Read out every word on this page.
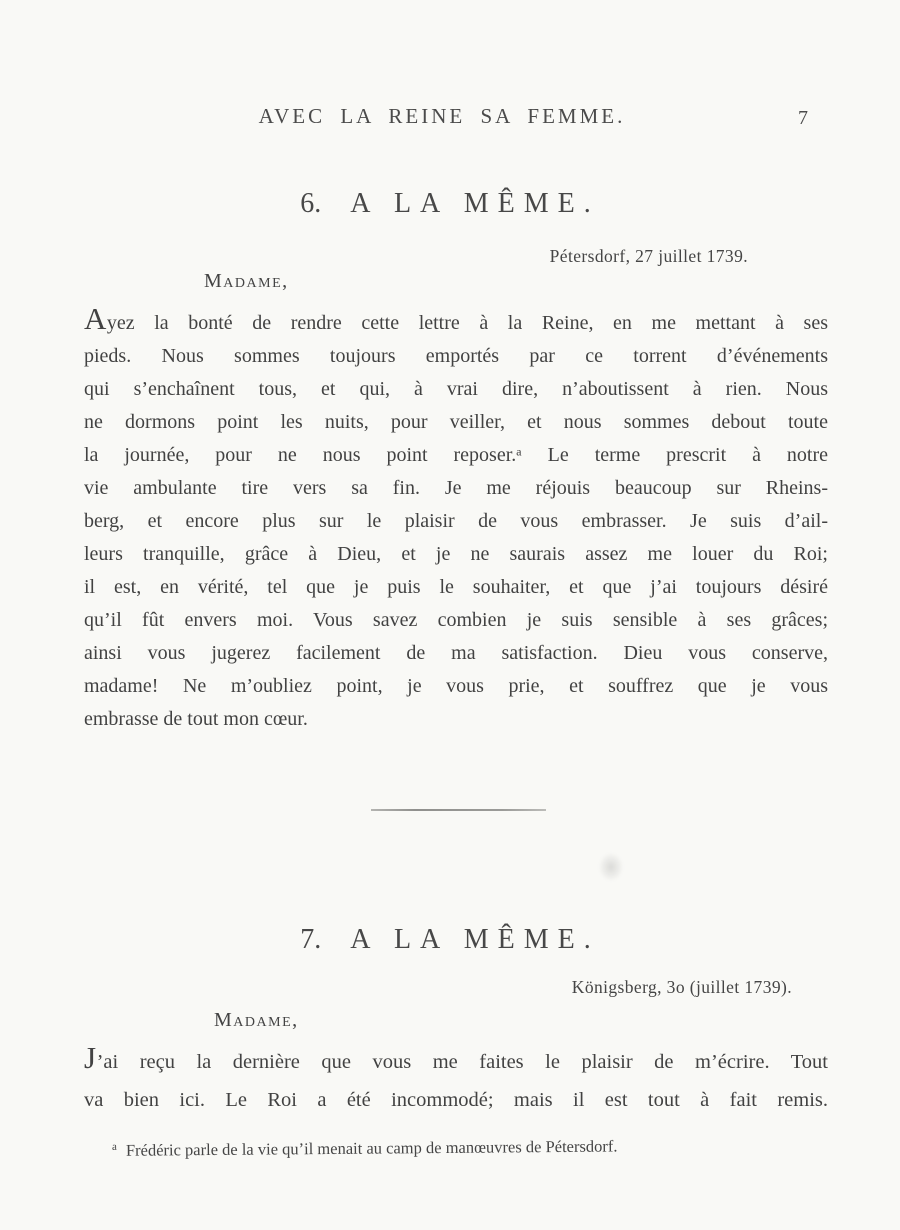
AVEC LA REINE SA FEMME.	7
6. A LA MÊME.
Pétersdorf, 27 juillet 1739.
Madame,
Ayez la bonté de rendre cette lettre à la Reine, en me mettant à ses
pieds. Nous sommes toujours emportés par ce torrent d’événements
qui s’enchaînent tous, et qui, à vrai dire, n’aboutissent à rien. Nous
ne dormons point les nuits, pour veiller, et nous sommes debout toute
la journée, pour ne nous point reposer.ᵃ Le terme prescrit à notre
vie ambulante tire vers sa fin. Je me réjouis beaucoup sur Rheins-
berg, et encore plus sur le plaisir de vous embrasser. Je suis d’ail-
leurs tranquille, grâce à Dieu, et je ne saurais assez me louer du Roi;
il est, en vérité, tel que je puis le souhaiter, et que j’ai toujours désiré
qu’il fût envers moi. Vous savez combien je suis sensible à ses grâces;
ainsi vous jugerez facilement de ma satisfaction. Dieu vous conserve,
madame! Ne m’oubliez point, je vous prie, et souffrez que je vous
embrasse de tout mon cœur.
7. A LA MÊME.
Königsberg, 3o (juillet 1739).
Madame,
J’ai reçu la dernière que vous me faites le plaisir de m’écrire. Tout
va bien ici. Le Roi a été incommodé; mais il est tout à fait remis.
$^a$ Frédéric parle de la vie qu’il menait au camp de manœuvres de Pétersdorf.
